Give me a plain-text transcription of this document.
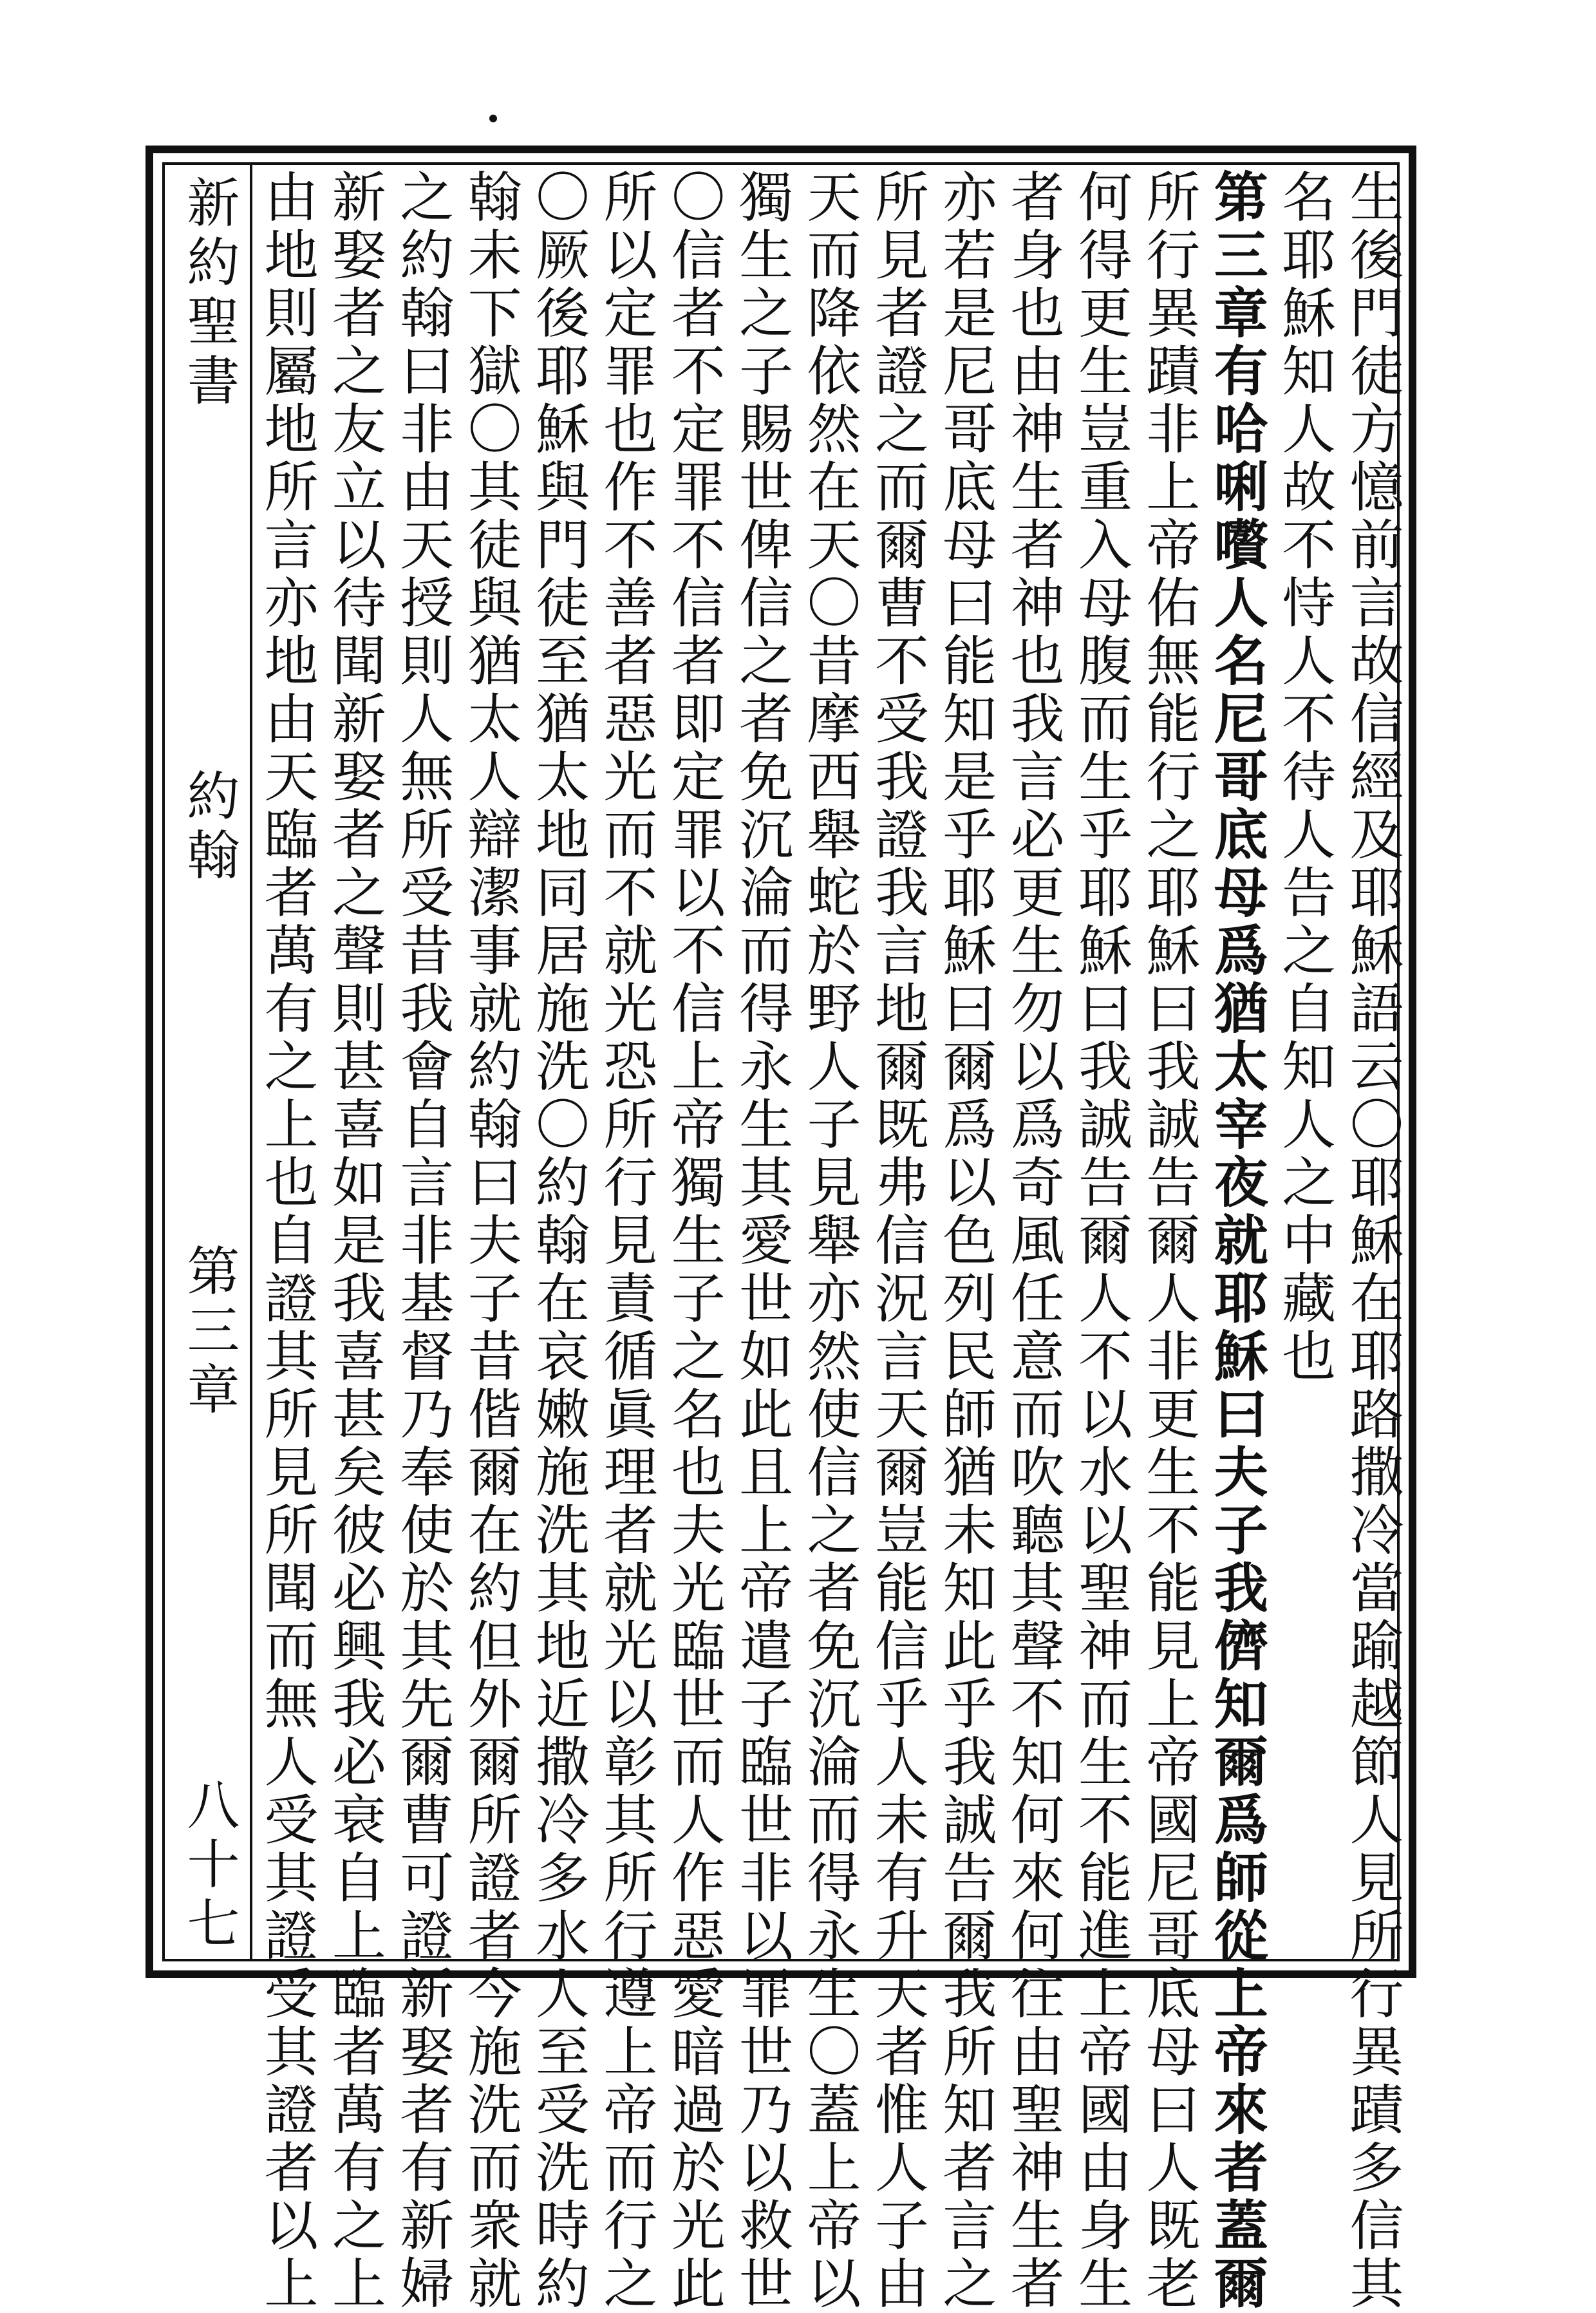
新約聖書
約翰
第三章
八十七	生後門徒方憶前言故信經及耶穌語云〇耶穌在耶路撒冷當踰越節人見所行異蹟多信其
名耶穌知人故不恃人不待人告之自知人之中藏也
第三章有哈唎嚽人名尼哥底母爲猶太宰夜就耶穌曰夫子我儕知爾爲師從上帝來者蓋爾
所行異蹟非上帝佑無能行之耶穌曰我誠告爾人非更生不能見上帝國尼哥底母曰人既老
何得更生豈重入母腹而生乎耶穌曰我誠告爾人不以水以聖神而生不能進上帝國由身生
者身也由神生者神也我言必更生勿以爲奇風任意而吹聽其聲不知何來何往由聖神生者
亦若是尼哥底母曰能知是乎耶穌曰爾爲以色列民師猶未知此乎我誠告爾我所知者言之
所見者證之而爾曹不受我證我言地爾既弗信況言天爾豈能信乎人未有升天者惟人子由
天而降依然在天〇昔摩西舉蛇於野人子見舉亦然使信之者免沉淪而得永生〇蓋上帝以
獨生之子賜世俾信之者免沉淪而得永生其愛世如此且上帝遣子臨世非以罪世乃以救世
〇信者不定罪不信者即定罪以不信上帝獨生子之名也夫光臨世而人作惡愛暗過於光此
所以定罪也作不善者惡光而不就光恐所行見責循眞理者就光以彰其所行遵上帝而行之
〇厥後耶穌與門徒至猶太地同居施洗〇約翰在哀嫩施洗其地近撒冷多水人至受洗時約
翰未下獄〇其徒與猶太人辯潔事就約翰曰夫子昔偕爾在約但外爾所證者今施洗而衆就
之約翰曰非由天授則人無所受昔我會自言非基督乃奉使於其先爾曹可證新娶者有新婦
新娶者之友立以待聞新娶者之聲則甚喜如是我喜甚矣彼必興我必衰自上臨者萬有之上
由地則屬地所言亦地由天臨者萬有之上也自證其所見所聞而無人受其證受其證者以上
